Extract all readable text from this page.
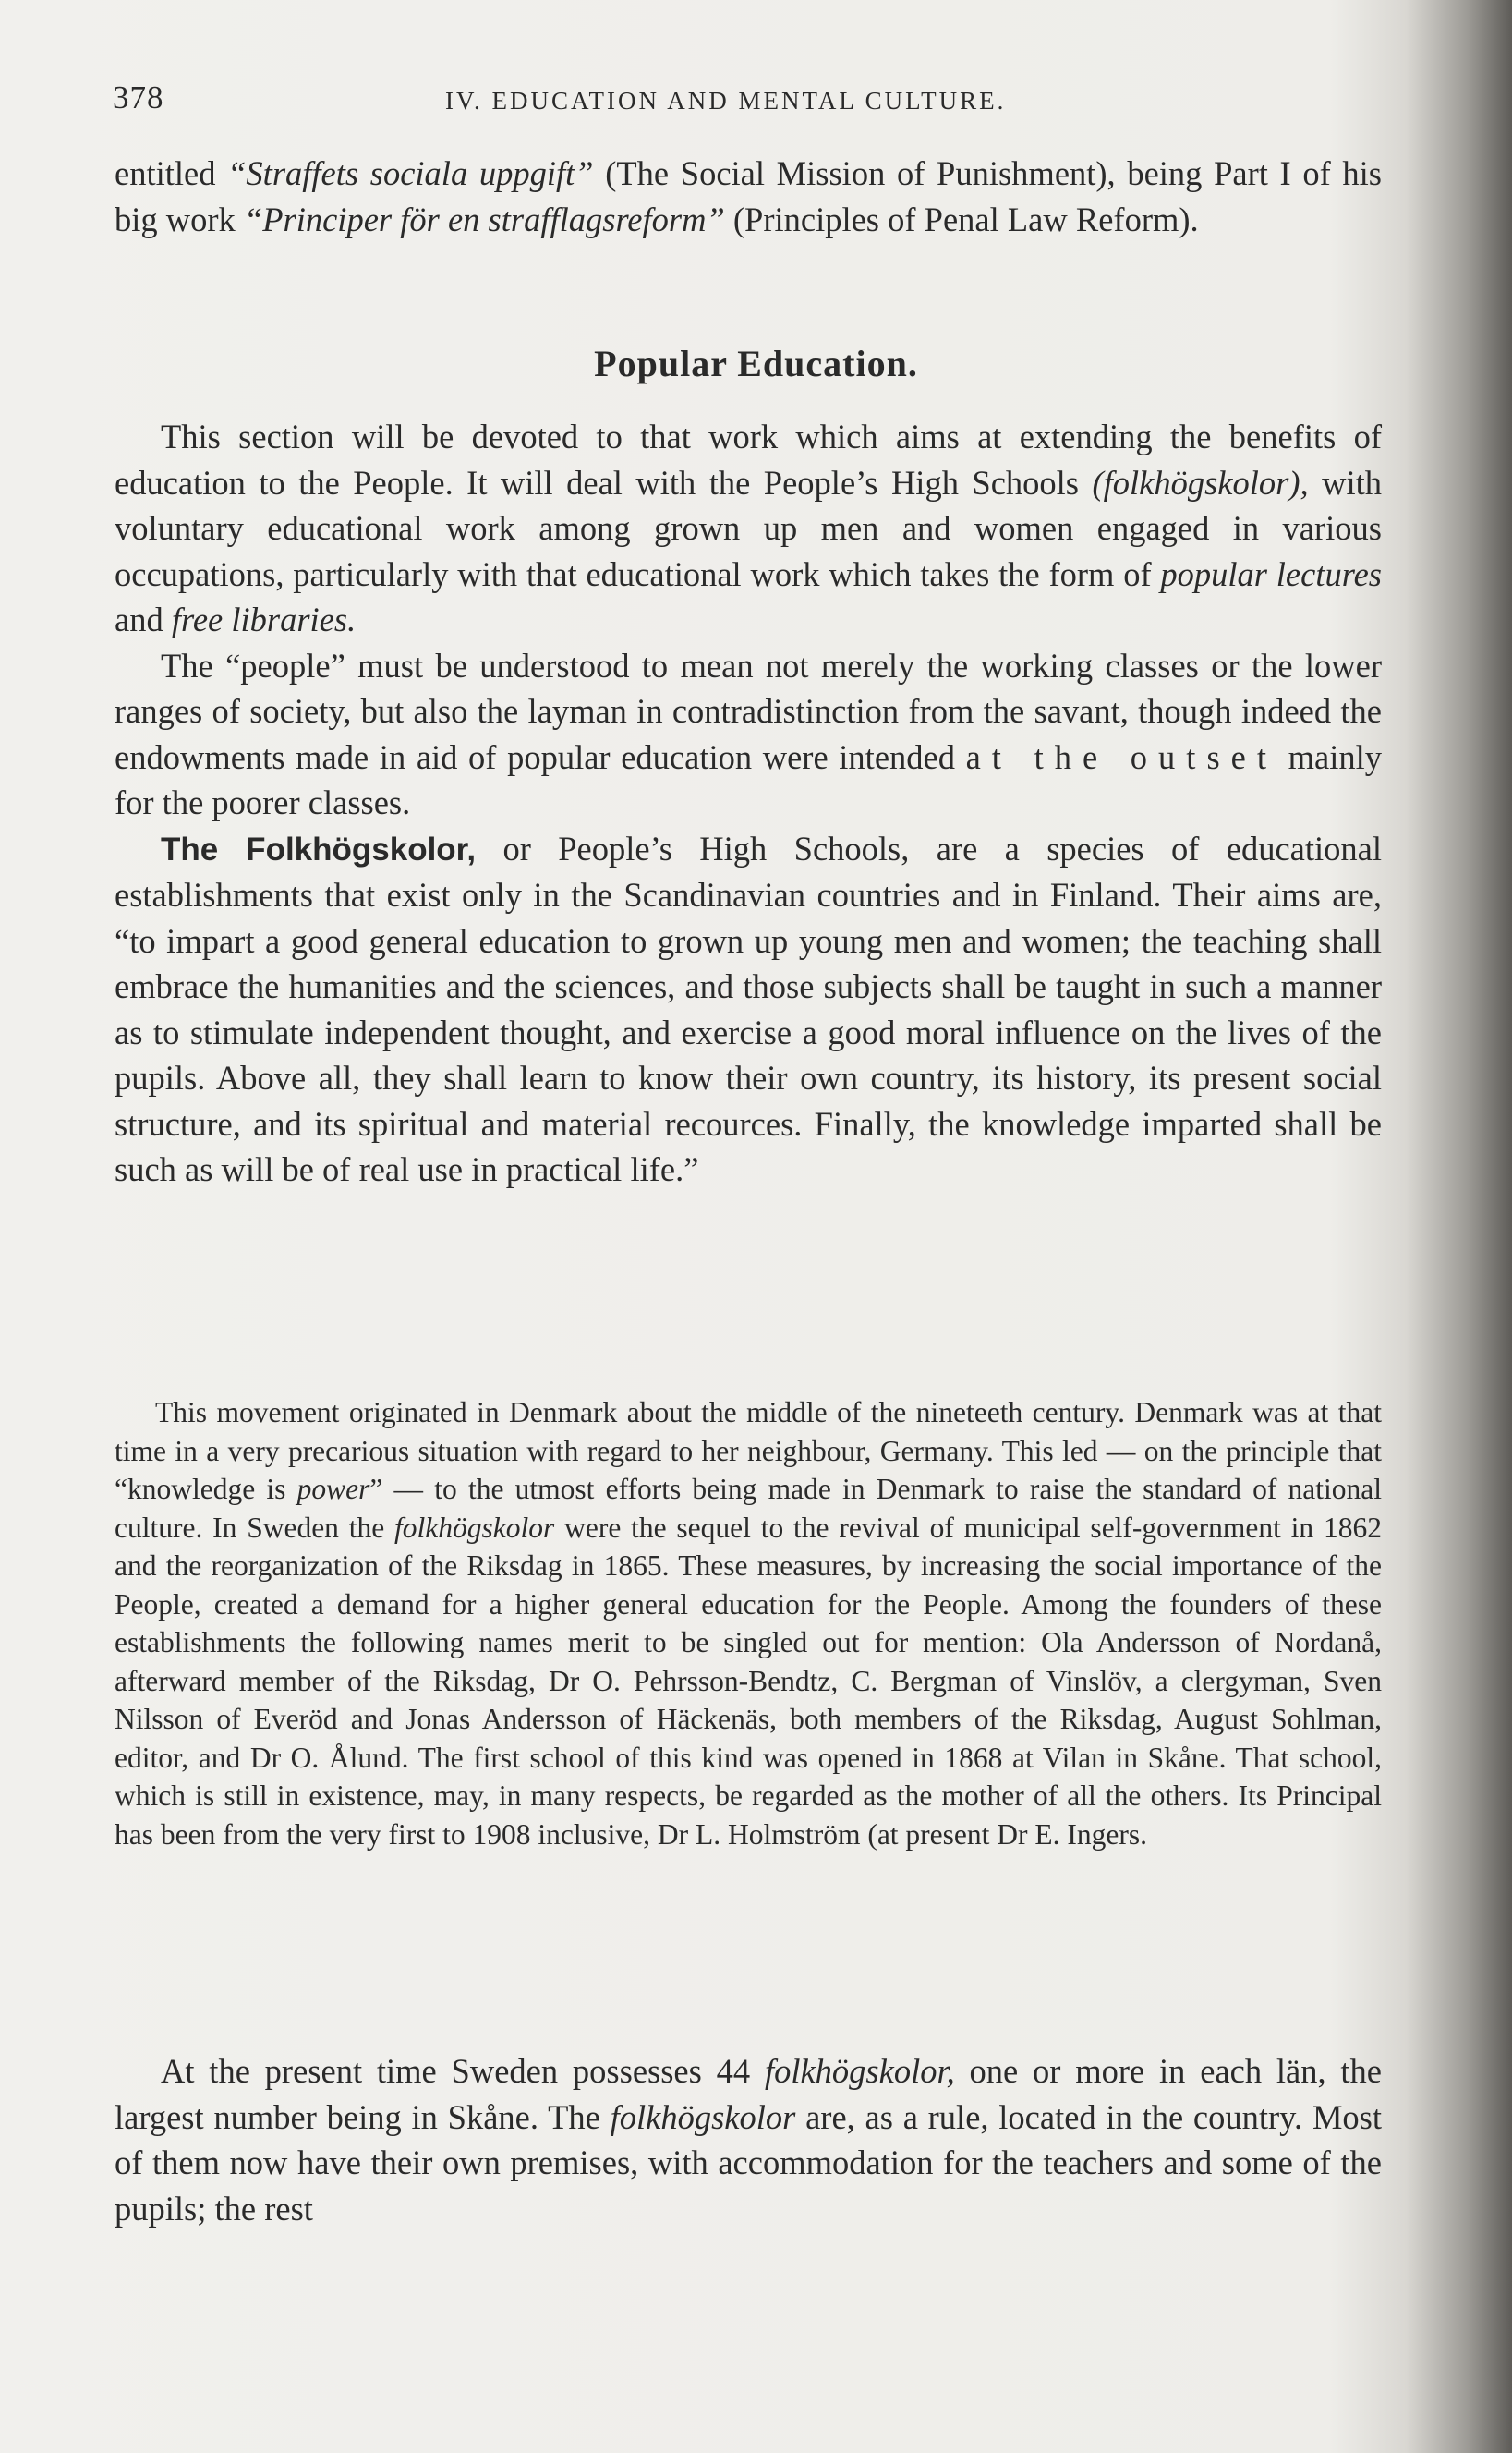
378	IV. EDUCATION AND MENTAL CULTURE.

entitled “Straffets sociala uppgift” (The Social Mission of Punishment), being Part I of his big work “Principer för en strafflagsreform” (Principles of Penal Law Reform).

Popular Education.

This section will be devoted to that work which aims at extending the benefits of education to the People. It will deal with the People’s High Schools (folkhögskolor), with voluntary educational work among grown up men and women engaged in various occupations, particularly with that educational work which takes the form of popular lectures and free libraries.

The “people” must be understood to mean not merely the working classes or the lower ranges of society, but also the layman in contradistinction from the savant, though indeed the endowments made in aid of popular education were intended at the outset mainly for the poorer classes.

The Folkhögskolor, or People’s High Schools, are a species of educational establishments that exist only in the Scandinavian countries and in Finland. Their aims are, “to impart a good general education to grown up young men and women; the teaching shall embrace the humanities and the sciences, and those subjects shall be taught in such a manner as to stimulate independent thought, and exercise a good moral influence on the lives of the pupils. Above all, they shall learn to know their own country, its history, its present social structure, and its spiritual and material recources. Finally, the knowledge imparted shall be such as will be of real use in practical life.”

This movement originated in Denmark about the middle of the nineteeth century. Denmark was at that time in a very precarious situation with regard to her neighbour, Germany. This led — on the principle that “knowledge is power” — to the utmost efforts being made in Denmark to raise the standard of national culture. In Sweden the folkhögskolor were the sequel to the revival of municipal self-government in 1862 and the reorganization of the Riksdag in 1865. These measures, by increasing the social importance of the People, created a demand for a higher general education for the People. Among the founders of these establishments the following names merit to be singled out for mention: Ola Andersson of Nordanå, afterward member of the Riksdag, Dr O. Pehrsson-Bendtz, C. Bergman of Vinslöv, a clergyman, Sven Nilsson of Everöd and Jonas Andersson of Häckenäs, both members of the Riksdag, August Sohlman, editor, and Dr O. Ålund. The first school of this kind was opened in 1868 at Vilan in Skåne. That school, which is still in existence, may, in many respects, be regarded as the mother of all the others. Its Principal has been from the very first to 1908 inclusive, Dr L. Holmström (at present Dr E. Ingers.

At the present time Sweden possesses 44 folkhögskolor, one or more in each län, the largest number being in Skåne. The folkhögskolor are, as a rule, located in the country. Most of them now have their own premises, with accommodation for the teachers and some of the pupils; the rest
